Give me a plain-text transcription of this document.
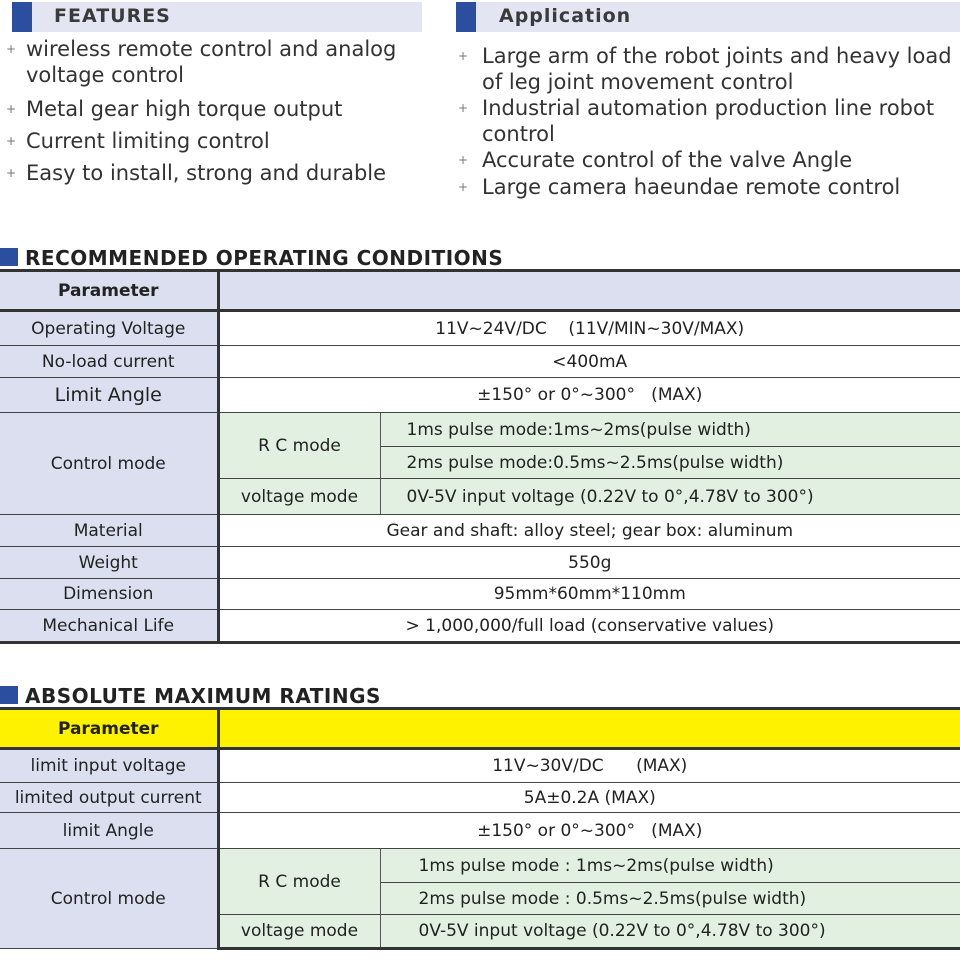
FEATURES
+ wireless remote control and analog voltage control
+ Metal gear high torque output
+ Current limiting control
+ Easy to install, strong and durable
Application
+ Large arm of the robot joints and heavy load of leg joint movement control
+ Industrial automation production line robot control
+ Accurate control of the valve Angle
+ Large camera haeundae remote control
RECOMMENDED OPERATING CONDITIONS
Parameter		
Operating Voltage	11V~24V/DC    (11V/MIN~30V/MAX)	
No-load current	<400mA	
Limit Angle	±150° or 0°~300°   (MAX)	
Control mode	R C mode	1ms pulse mode:1ms~2ms(pulse width)
		2ms pulse mode:0.5ms~2.5ms(pulse width)
	voltage mode	0V-5V input voltage (0.22V to 0°,4.78V to 300°)
Material	Gear and shaft: alloy steel; gear box: aluminum	
Weight	550g	
Dimension	95mm*60mm*110mm	
Mechanical Life	> 1,000,000/full load (conservative values)	
ABSOLUTE MAXIMUM RATINGS
Parameter		
limit input voltage	11V~30V/DC      (MAX)	
limited output current	5A±0.2A (MAX)	
limit Angle	±150° or 0°~300°   (MAX)	
Control mode	R C mode	1ms pulse mode : 1ms~2ms(pulse width)
		2ms pulse mode : 0.5ms~2.5ms(pulse width)
	voltage mode	0V-5V input voltage (0.22V to 0°,4.78V to 300°)
